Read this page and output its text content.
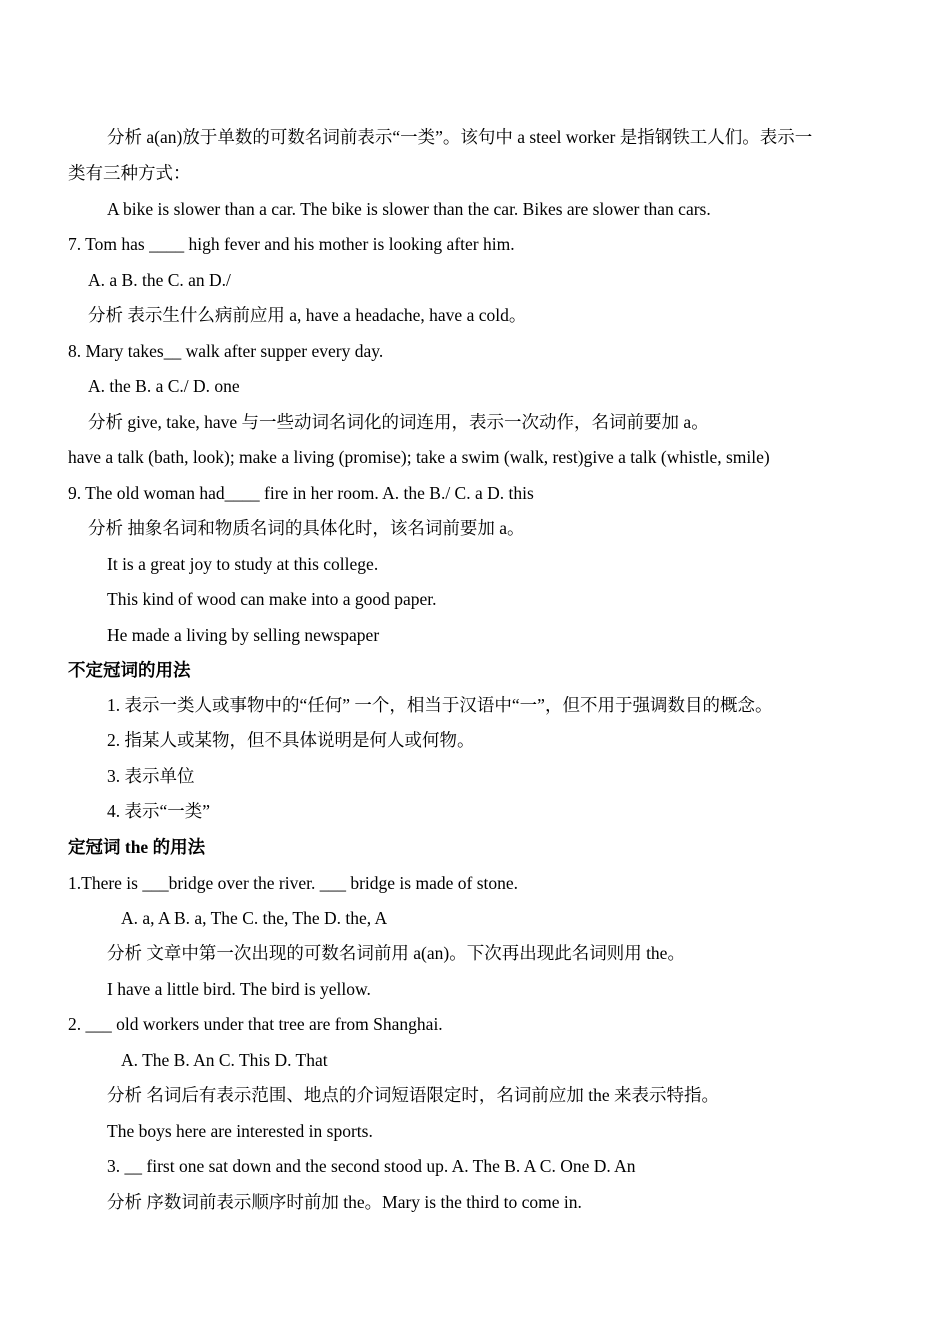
分析 a(an)放于单数的可数名词前表示“一类”。该句中 a steel worker 是指钢铁工人们。表示一
类有三种方式：
A bike is slower than a car. The bike is slower than the car. Bikes are slower than cars.
7. Tom has ____ high fever and his mother is looking after him.
A. a B. the C. an D./
分析 表示生什么病前应用 a, have a headache, have a cold。
8. Mary takes__ walk after supper every day.
A. the B. a C./ D. one
分析 give, take, have 与一些动词名词化的词连用，表示一次动作，名词前要加 a。
have a talk (bath, look); make a living (promise); take a swim (walk, rest)give a talk (whistle, smile)
9. The old woman had____ fire in her room. A. the B./ C. a D. this
分析 抽象名词和物质名词的具体化时，该名词前要加 a。
It is a great joy to study at this college.
This kind of wood can make into a good paper.
He made a living by selling newspaper
不定冠词的用法
1. 表示一类人或事物中的“任何” 一个，相当于汉语中“一”，但不用于强调数目的概念。
2. 指某人或某物，但不具体说明是何人或何物。
3. 表示单位
4. 表示“一类”
定冠词 the 的用法
1.There is ___bridge over the river. ___ bridge is made of stone.
A. a, A B. a, The C. the, The D. the, A
分析 文章中第一次出现的可数名词前用 a(an)。下次再出现此名词则用 the。
I have a little bird. The bird is yellow.
2. ___ old workers under that tree are from Shanghai.
A. The B. An C. This D. That
分析 名词后有表示范围、地点的介词短语限定时，名词前应加 the 来表示特指。
The boys here are interested in sports.
3. __ first one sat down and the second stood up. A. The B. A C. One D. An
分析 序数词前表示顺序时前加 the。Mary is the third to come in.
